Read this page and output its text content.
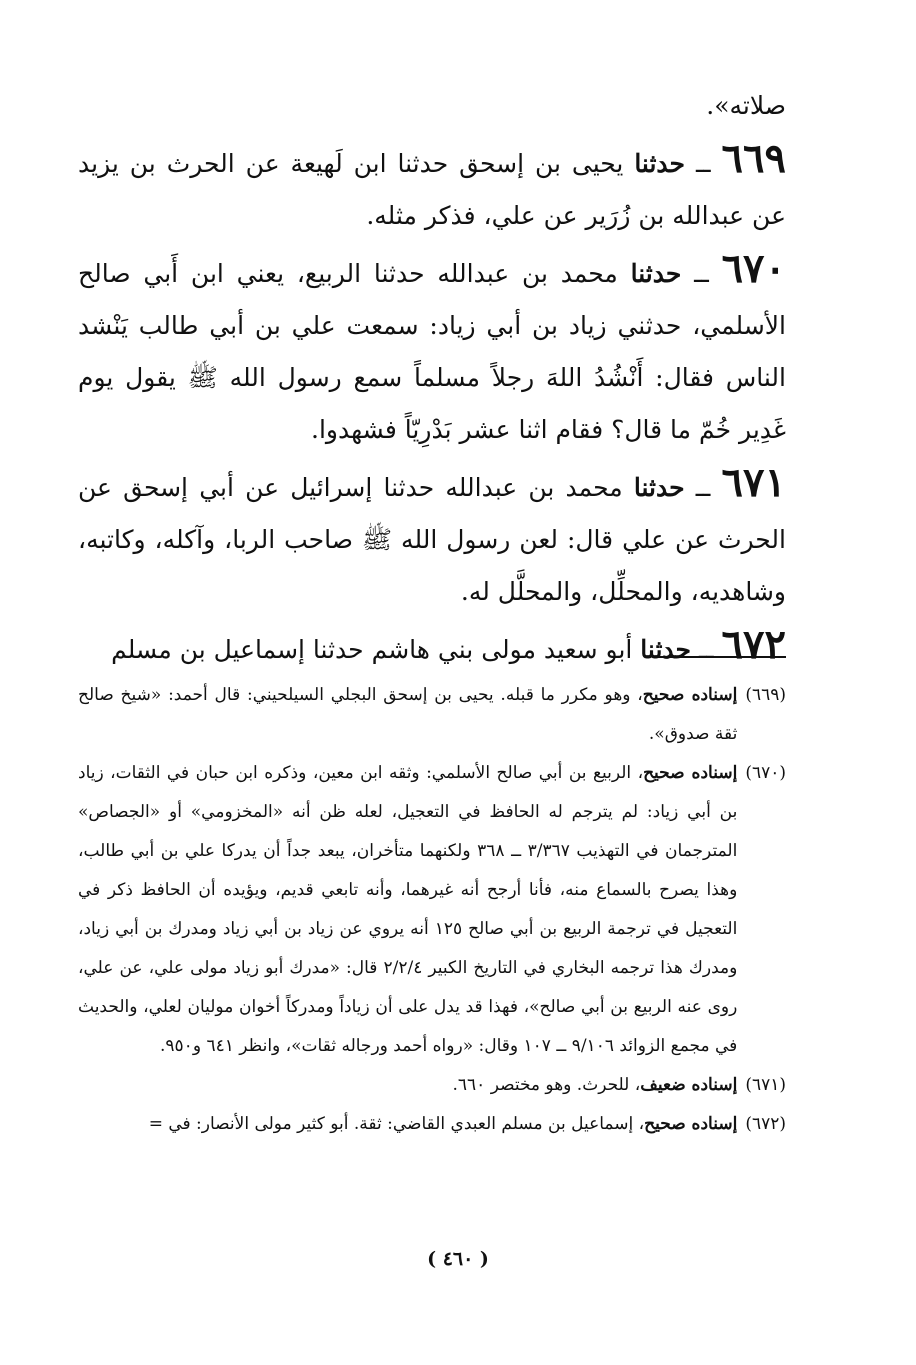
صلاته».

٦٦٩ ــ حدثنا يحيى بن إسحق حدثنا ابن لَهيعة عن الحرث بن يزيد عن عبدالله بن زُرَير عن علي، فذكر مثله.

٦٧٠ ــ حدثنا محمد بن عبدالله حدثنا الربيع، يعني ابن أَبي صالح الأسلمي، حدثني زياد بن أبي زياد: سمعت علي بن أبي طالب يَنْشد الناس فقال: أَنْشُدُ اللهَ رجلاً مسلماً سمع رسول الله ﷺ يقول يوم غَدِير خُمّ ما قال؟ فقام اثنا عشر بَدْرِيّاً فشهدوا.

٦٧١ ــ حدثنا محمد بن عبدالله حدثنا إسرائيل عن أبي إسحق عن الحرث عن علي قال: لعن رسول الله ﷺ صاحب الربا، وآكله، وكاتبه، وشاهديه، والمحلِّل، والمحلَّل له.

٦٧٢ ــ حدثنا أبو سعيد مولى بني هاشم حدثنا إسماعيل بن مسلم

(٦٦٩)
إسناده صحيح، وهو مكرر ما قبله. يحيى بن إسحق البجلي السيلحيني: قال أحمد: «شيخ صالح ثقة صدوق».
(٦٧٠)
إسناده صحيح، الربيع بن أبي صالح الأسلمي: وثقه ابن معين، وذكره ابن حبان في الثقات، زياد بن أبي زياد: لم يترجم له الحافظ في التعجيل، لعله ظن أنه «المخزومي» أو «الجصاص» المترجمان في التهذيب ٣/٣٦٧ ــ ٣٦٨ ولكنهما متأخران، يبعد جداً أن يدركا علي بن أبي طالب، وهذا يصرح بالسماع منه، فأنا أرجح أنه غيرهما، وأنه تابعي قديم، ويؤيده أن الحافظ ذكر في التعجيل في ترجمة الربيع بن أبي صالح ١٢٥ أنه يروي عن زياد بن أبي زياد ومدرك بن أبي زياد، ومدرك هذا ترجمه البخاري في التاريخ الكبير ٢/٢/٤ قال: «مدرك أبو زياد مولى علي، عن علي، روى عنه الربيع بن أبي صالح»، فهذا قد يدل على أن زياداً ومدركاً أخوان موليان لعلي، والحديث في مجمع الزوائد ٩/١٠٦ ــ ١٠٧ وقال: «رواه أحمد ورجاله ثقات»، وانظر ٦٤١ و٩٥٠.
(٦٧١)
إسناده ضعيف، للحرث. وهو مختصر ٦٦٠.
(٦٧٢)
إسناده صحيح، إسماعيل بن مسلم العبدي القاضي: ثقة. أبو كثير مولى الأنصار: في =
( ٤٦٠ )
